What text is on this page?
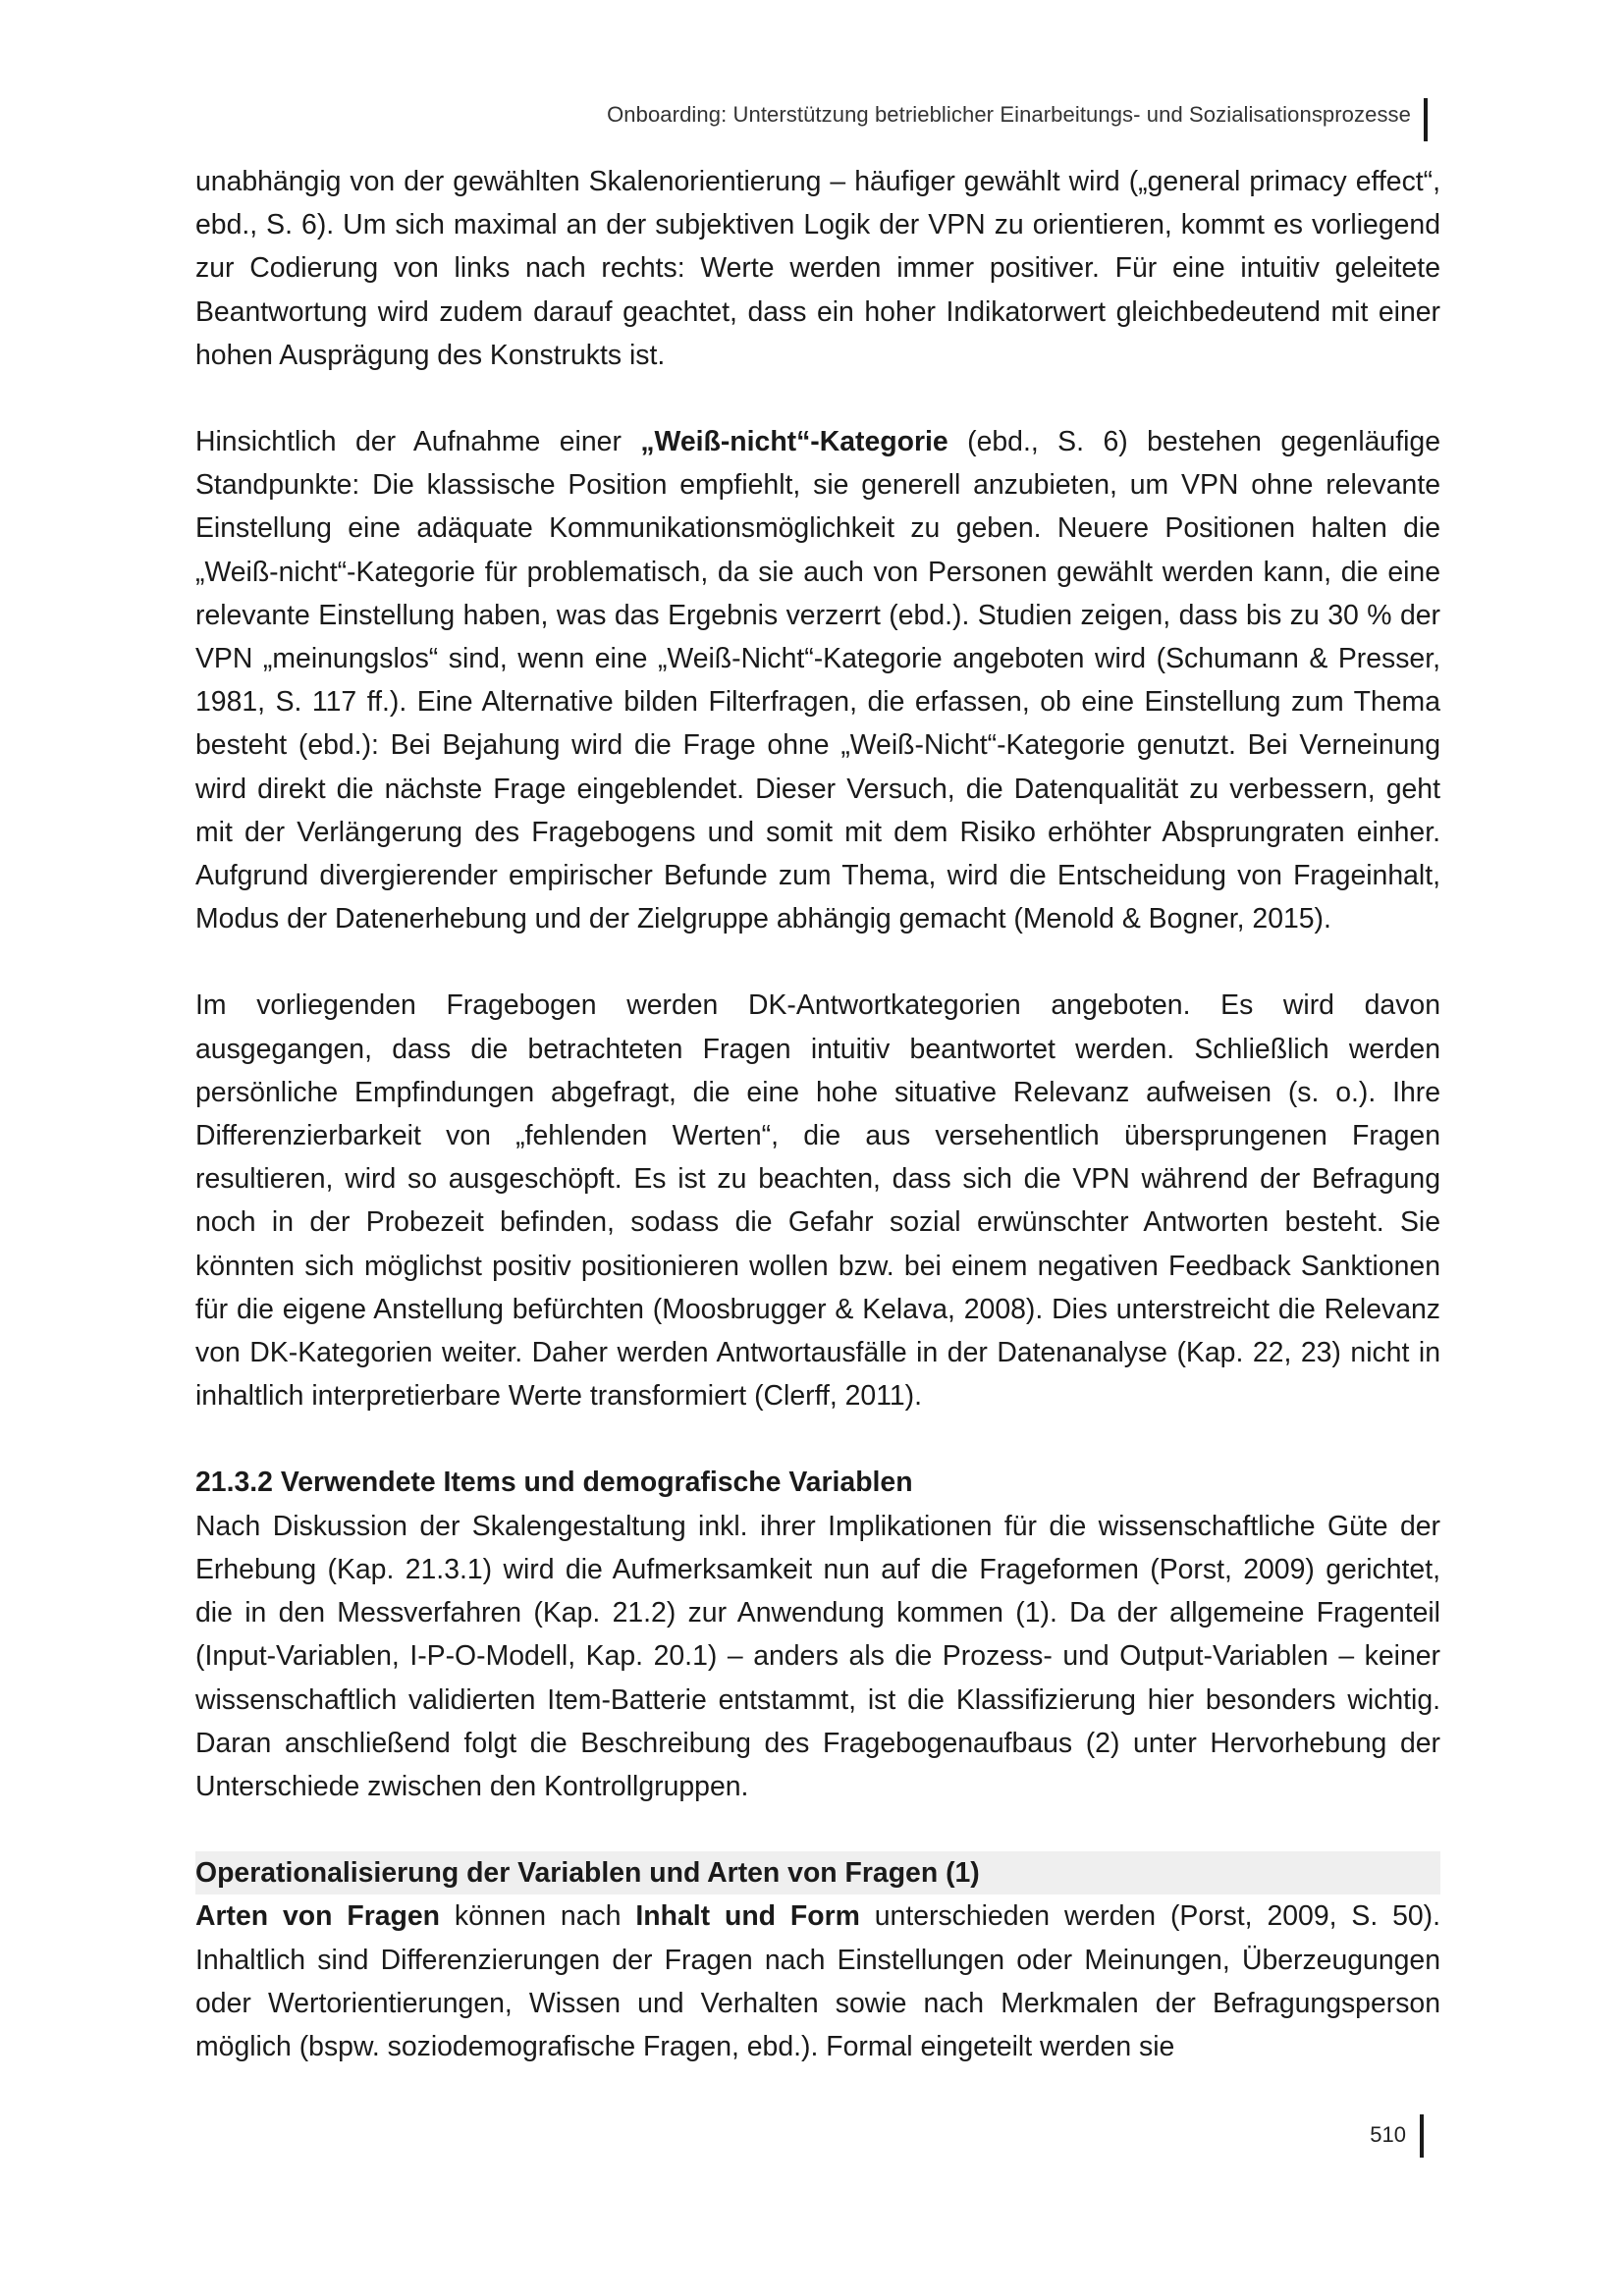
Onboarding: Unterstützung betrieblicher Einarbeitungs- und Sozialisationsprozesse

unabhängig von der gewählten Skalenorientierung – häufiger gewählt wird („general primacy effect“, ebd., S. 6). Um sich maximal an der subjektiven Logik der VPN zu orientieren, kommt es vorliegend zur Codierung von links nach rechts: Werte werden immer positiver. Für eine intuitiv geleitete Beantwortung wird zudem darauf geachtet, dass ein hoher Indikatorwert gleichbedeutend mit einer hohen Ausprägung des Konstrukts ist.

Hinsichtlich der Aufnahme einer „Weiß-nicht“-Kategorie (ebd., S. 6) bestehen gegenläufige Standpunkte: Die klassische Position empfiehlt, sie generell anzubieten, um VPN ohne relevante Einstellung eine adäquate Kommunikationsmöglichkeit zu geben. Neuere Positionen halten die „Weiß-nicht“-Kategorie für problematisch, da sie auch von Personen gewählt werden kann, die eine relevante Einstellung haben, was das Ergebnis verzerrt (ebd.). Studien zeigen, dass bis zu 30 % der VPN „meinungslos“ sind, wenn eine „Weiß-Nicht“-Kategorie angeboten wird (Schumann & Presser, 1981, S. 117 ff.). Eine Alternative bilden Filterfragen, die erfassen, ob eine Einstellung zum Thema besteht (ebd.): Bei Bejahung wird die Frage ohne „Weiß-Nicht“-Kategorie genutzt. Bei Verneinung wird direkt die nächste Frage eingeblendet. Dieser Versuch, die Datenqualität zu verbessern, geht mit der Verlängerung des Fragebogens und somit mit dem Risiko erhöhter Absprungraten einher. Aufgrund divergierender empirischer Befunde zum Thema, wird die Entscheidung von Frageinhalt, Modus der Datenerhebung und der Zielgruppe abhängig gemacht (Menold & Bogner, 2015).

Im vorliegenden Fragebogen werden DK-Antwortkategorien angeboten. Es wird davon ausgegangen, dass die betrachteten Fragen intuitiv beantwortet werden. Schließlich werden persönliche Empfindungen abgefragt, die eine hohe situative Relevanz aufweisen (s. o.). Ihre Differenzierbarkeit von „fehlenden Werten“, die aus versehentlich übersprungenen Fragen resultieren, wird so ausgeschöpft. Es ist zu beachten, dass sich die VPN während der Befragung noch in der Probezeit befinden, sodass die Gefahr sozial erwünschter Antworten besteht. Sie könnten sich möglichst positiv positionieren wollen bzw. bei einem negativen Feedback Sanktionen für die eigene Anstellung befürchten (Moosbrugger & Kelava, 2008). Dies unterstreicht die Relevanz von DK-Kategorien weiter. Daher werden Antwortausfälle in der Datenanalyse (Kap. 22, 23) nicht in inhaltlich interpretierbare Werte transformiert (Clerff, 2011).

21.3.2 Verwendete Items und demografische Variablen

Nach Diskussion der Skalengestaltung inkl. ihrer Implikationen für die wissenschaftliche Güte der Erhebung (Kap. 21.3.1) wird die Aufmerksamkeit nun auf die Frageformen (Porst, 2009) gerichtet, die in den Messverfahren (Kap. 21.2) zur Anwendung kommen (1). Da der allgemeine Fragenteil (Input-Variablen, I-P-O-Modell, Kap. 20.1) – anders als die Prozess- und Output-Variablen – keiner wissenschaftlich validierten Item-Batterie entstammt, ist die Klassifizierung hier besonders wichtig. Daran anschließend folgt die Beschreibung des Fragebogenaufbaus (2) unter Hervorhebung der Unterschiede zwischen den Kontrollgruppen.

Operationalisierung der Variablen und Arten von Fragen (1)

Arten von Fragen können nach Inhalt und Form unterschieden werden (Porst, 2009, S. 50). Inhaltlich sind Differenzierungen der Fragen nach Einstellungen oder Meinungen, Überzeugungen oder Wertorientierungen, Wissen und Verhalten sowie nach Merkmalen der Befragungsperson möglich (bspw. soziodemografische Fragen, ebd.). Formal eingeteilt werden sie

510
